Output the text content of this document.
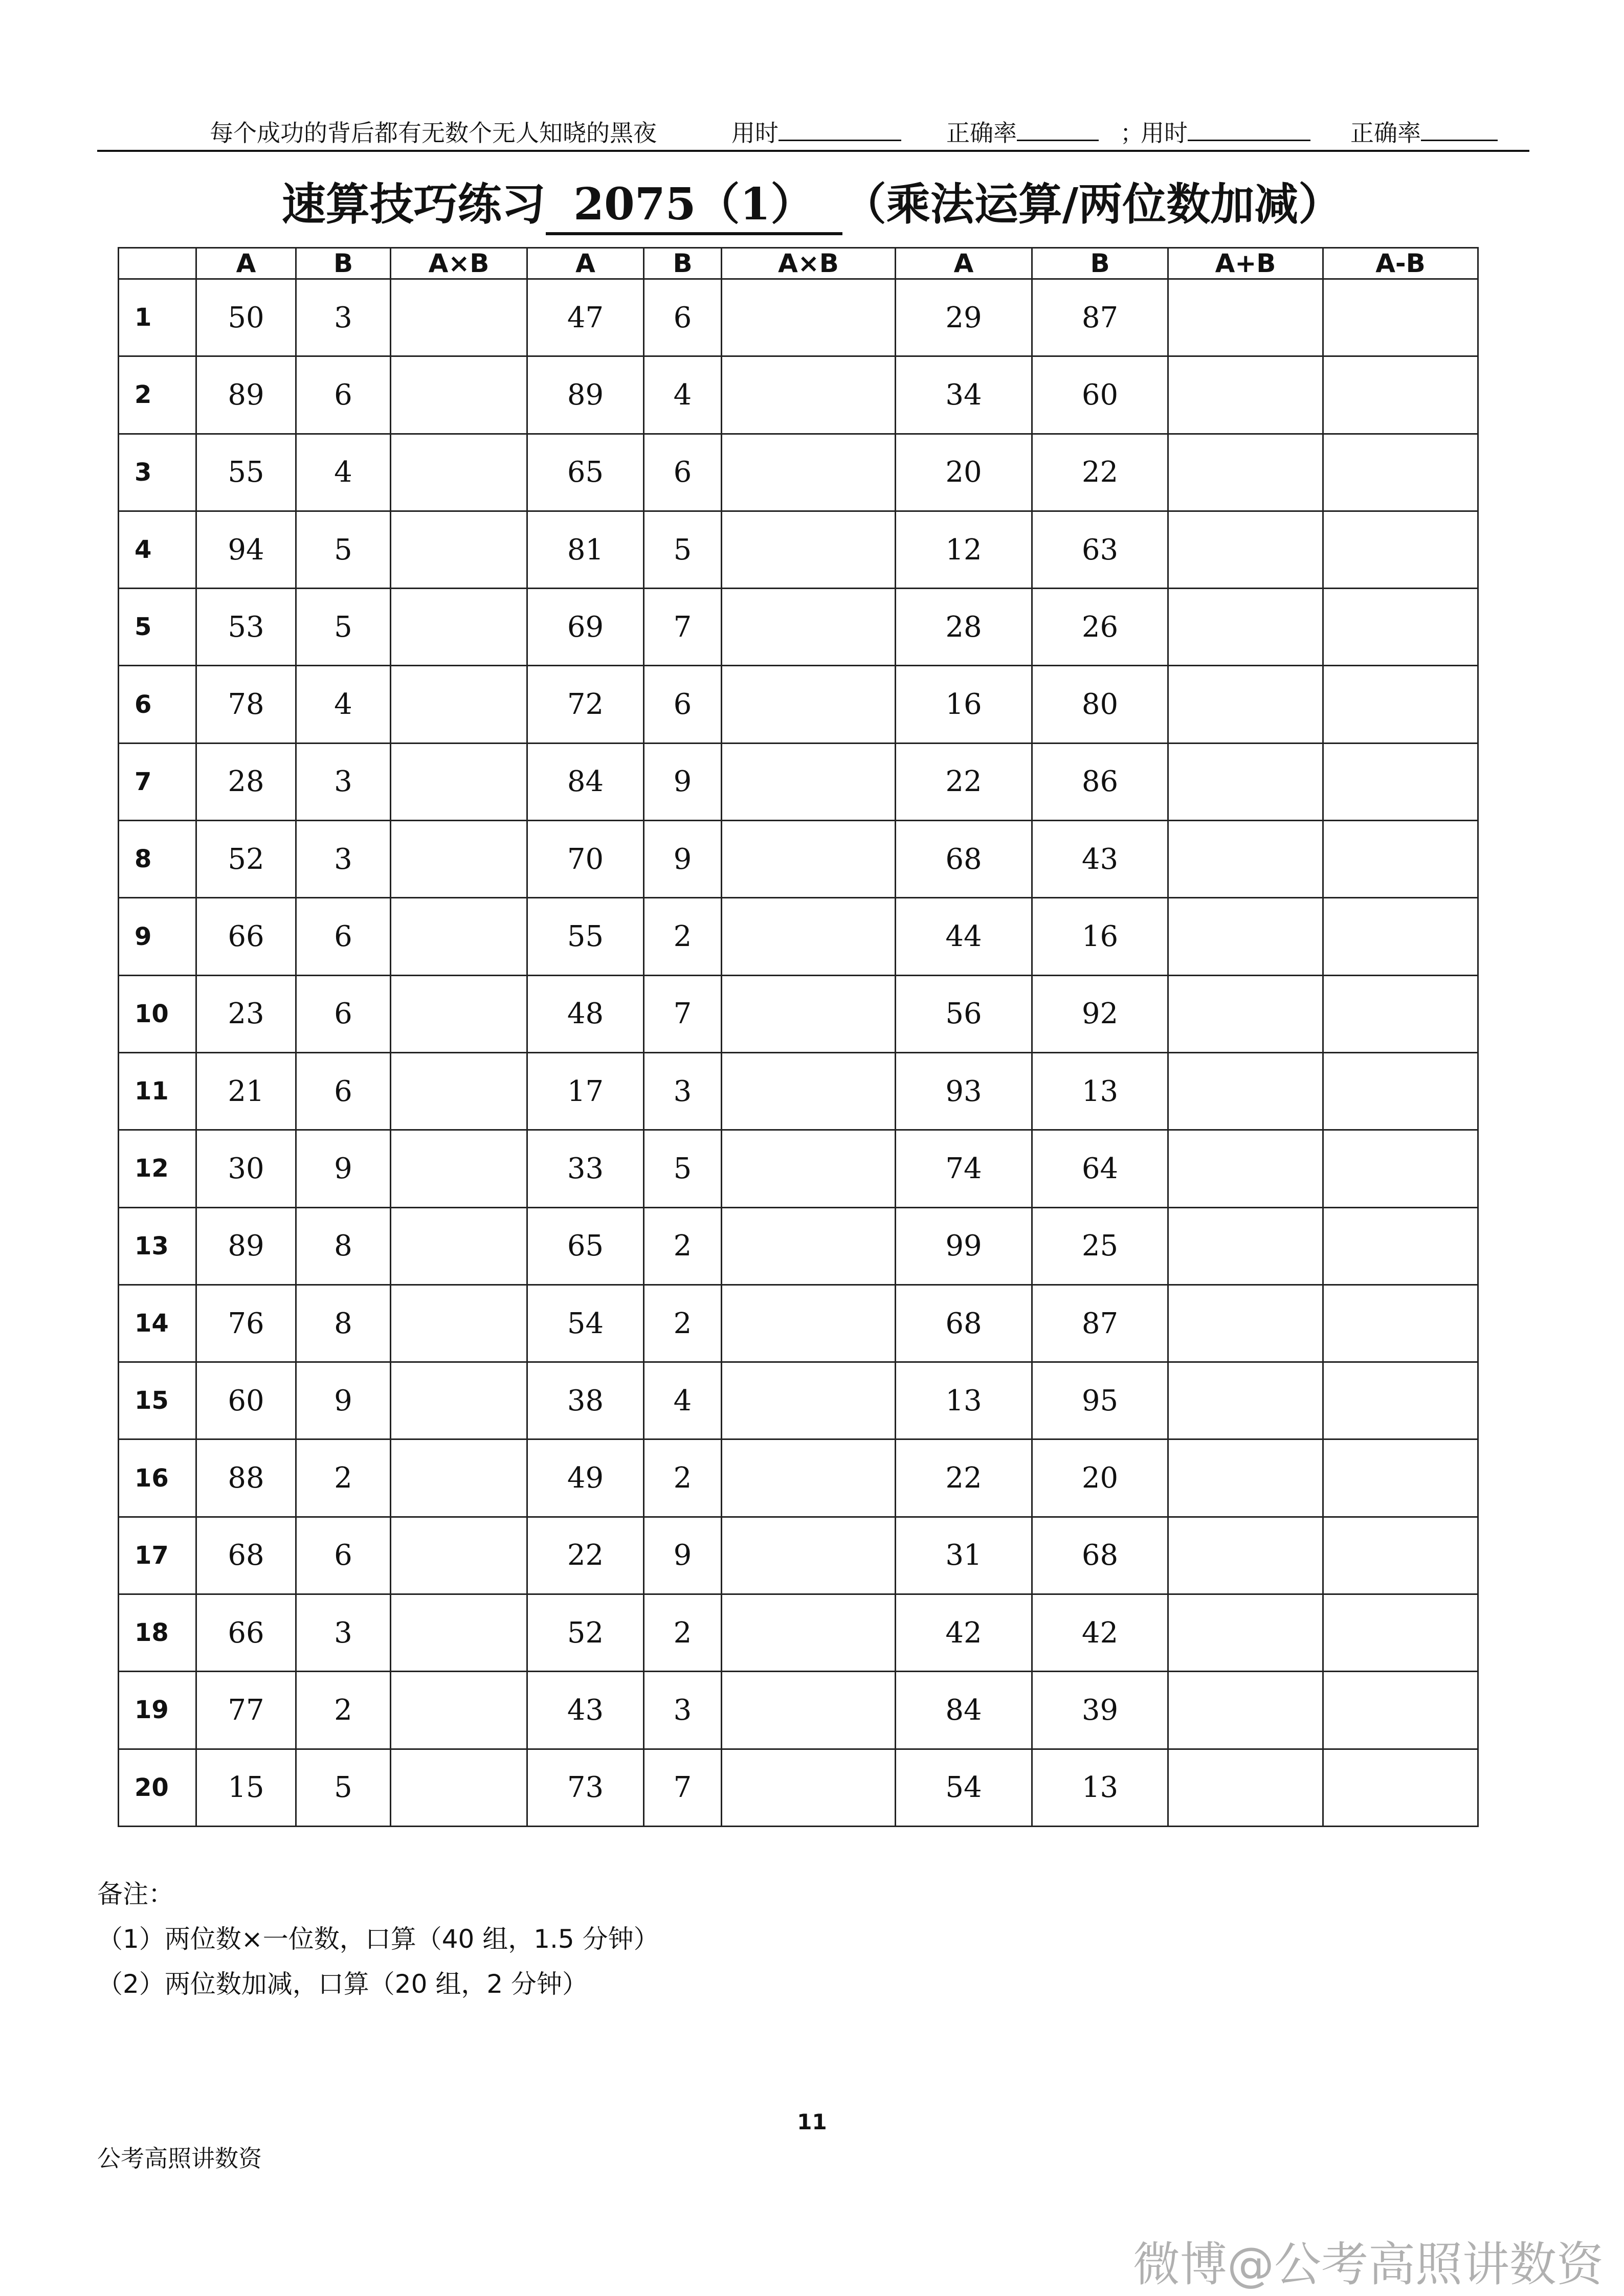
每个成功的背后都有无数个无人知晓的黑夜	用时	正确率	；
用时	正确率
速算技巧练习 2075（1） （乘法运算/两位数加减）
	A	B	A×B	A	B	A×B	A	B	A+B	A-B
1	50	3		47	6		29	87		
2	89	6		89	4		34	60		
3	55	4		65	6		20	22		
4	94	5		81	5		12	63		
5	53	5		69	7		28	26		
6	78	4		72	6		16	80		
7	28	3		84	9		22	86		
8	52	3		70	9		68	43		
9	66	6		55	2		44	16		
10	23	6		48	7		56	92		
11	21	6		17	3		93	13		
12	30	9		33	5		74	64		
13	89	8		65	2		99	25		
14	76	8		54	2		68	87		
15	60	9		38	4		13	95		
16	88	2		49	2		22	20		
17	68	6		22	9		31	68		
18	66	3		52	2		42	42		
19	77	2		43	3		84	39		
20	15	5		73	7		54	13		
备注：
（1）两位数×一位数，口算（40 组，1.5 分钟）
（2）两位数加减，口算（20 组，2 分钟）
11
公考高照讲数资
微博@公考高照讲数资
